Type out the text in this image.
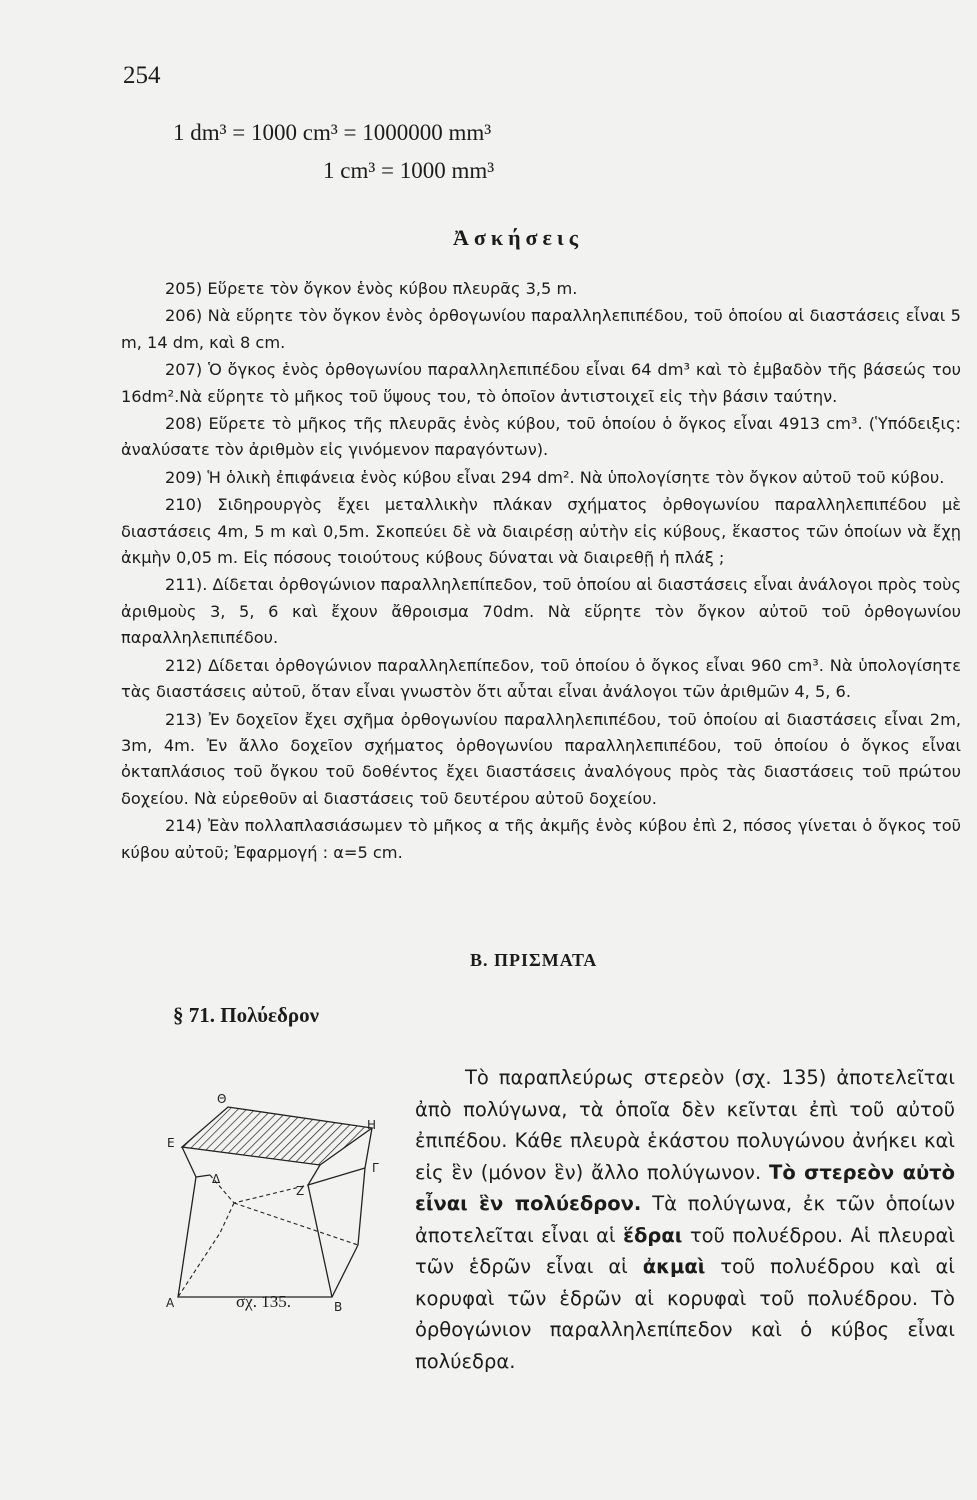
254
1 dm³ = 1000 cm³ = 1000000 mm³
1 cm³ = 1000 mm³
Ἀσκήσεις

205) Εὕρετε τὸν ὄγκον ἑνὸς κύβου πλευρᾶς 3,5 m.

206) Νὰ εὕρητε τὸν ὄγκον ἑνὸς ὀρθογωνίου παραλληλεπιπέδου, τοῦ ὁποίου αἱ διαστάσεις εἶναι 5 m, 14 dm, καὶ 8 cm.

207) Ὁ ὄγκος ἑνὸς ὀρθογωνίου παραλληλεπιπέδου εἶναι 64 dm³ καὶ τὸ ἐμβαδὸν τῆς βάσεώς του 16dm².Νὰ εὕρητε τὸ μῆκος τοῦ ὕψους του, τὸ ὁποῖον ἀντιστοιχεῖ εἰς τὴν βάσιν ταύτην.

208) Εὕρετε τὸ μῆκος τῆς πλευρᾶς ἑνὸς κύβου, τοῦ ὁποίου ὁ ὄγκος εἶναι 4913 cm³. (Ὑπόδειξις: ἀναλύσατε τὸν ἀριθμὸν εἰς γινόμενον παραγόντων).

209) Ἡ ὁλικὴ ἐπιφάνεια ἑνὸς κύβου εἶναι 294 dm². Νὰ ὑπολογίσητε τὸν ὄγκον αὐτοῦ τοῦ κύβου.

210) Σιδηρουργὸς ἔχει μεταλλικὴν πλάκαν σχήματος ὀρθογωνίου παραλληλεπιπέδου μὲ διαστάσεις 4m, 5 m καὶ 0,5m. Σκοπεύει δὲ νὰ διαιρέσῃ αὐτὴν εἰς κύβους, ἕκαστος τῶν ὁποίων νὰ ἔχῃ ἀκμὴν 0,05 m. Εἰς πόσους τοιούτους κύβους δύναται νὰ διαιρεθῇ ἡ πλάξ ;

211). Δίδεται ὀρθογώνιον παραλληλεπίπεδον, τοῦ ὁποίου αἱ διαστάσεις εἶναι ἀνάλογοι πρὸς τοὺς ἀριθμοὺς 3, 5, 6 καὶ ἔχουν ἄθροισμα 70dm. Νὰ εὕρητε τὸν ὄγκον αὐτοῦ τοῦ ὀρθογωνίου παραλληλεπιπέδου.

212) Δίδεται ὀρθογώνιον παραλληλεπίπεδον, τοῦ ὁποίου ὁ ὄγκος εἶναι 960 cm³. Νὰ ὑπολογίσητε τὰς διαστάσεις αὐτοῦ, ὅταν εἶναι γνωστὸν ὅτι αὗται εἶναι ἀνάλογοι τῶν ἀριθμῶν 4, 5, 6.

213) Ἐν δοχεῖον ἔχει σχῆμα ὀρθογωνίου παραλληλεπιπέδου, τοῦ ὁποίου αἱ διαστάσεις εἶναι 2m, 3m, 4m. Ἐν ἄλλο δοχεῖον σχήματος ὀρθογωνίου παραλληλεπιπέδου, τοῦ ὁποίου ὁ ὄγκος εἶναι ὀκταπλάσιος τοῦ ὄγκου τοῦ δοθέντος ἔχει διαστάσεις ἀναλόγους πρὸς τὰς διαστάσεις τοῦ πρώτου δοχείου. Νὰ εὑρεθοῦν αἱ διαστάσεις τοῦ δευτέρου αὐτοῦ δοχείου.

214) Ἐὰν πολλαπλασιάσωμεν τὸ μῆκος α τῆς ἀκμῆς ἑνὸς κύβου ἐπὶ 2, πόσος γίνεται ὁ ὄγκος τοῦ κύβου αὐτοῦ; Ἐφαρμογή : α=5 cm.

Β. ΠΡΙΣΜΑΤΑ
§ 71. Πολύεδρον
Θ
Ε
Η
Γ
Δ
Ζ
Α	Β
σχ. 135.

Τὸ παραπλεύρως στερεὸν (σχ. 135) ἀποτελεῖται ἀπὸ πολύγωνα, τὰ ὁποῖα δὲν κεῖνται ἐπὶ τοῦ αὐτοῦ ἐπιπέδου. Κάθε πλευρὰ ἑκάστου πολυγώνου ἀνήκει καὶ εἰς ἓν (μόνον ἓν) ἄλλο πολύγωνον. Τὸ στερεὸν αὐτὸ εἶναι ἓν πολύεδρον. Τὰ πολύγωνα, ἐκ τῶν ὁποίων ἀποτελεῖται εἶναι αἱ ἕδραι τοῦ πολυέδρου. Αἱ πλευραὶ τῶν ἑδρῶν εἶναι αἱ ἀκμαὶ τοῦ πολυέδρου καὶ αἱ κορυφαὶ τῶν ἑδρῶν αἱ κορυφαὶ τοῦ πολυέδρου. Τὸ ὀρθογώνιον παραλληλεπίπεδον καὶ ὁ κύβος εἶναι πολύεδρα.
